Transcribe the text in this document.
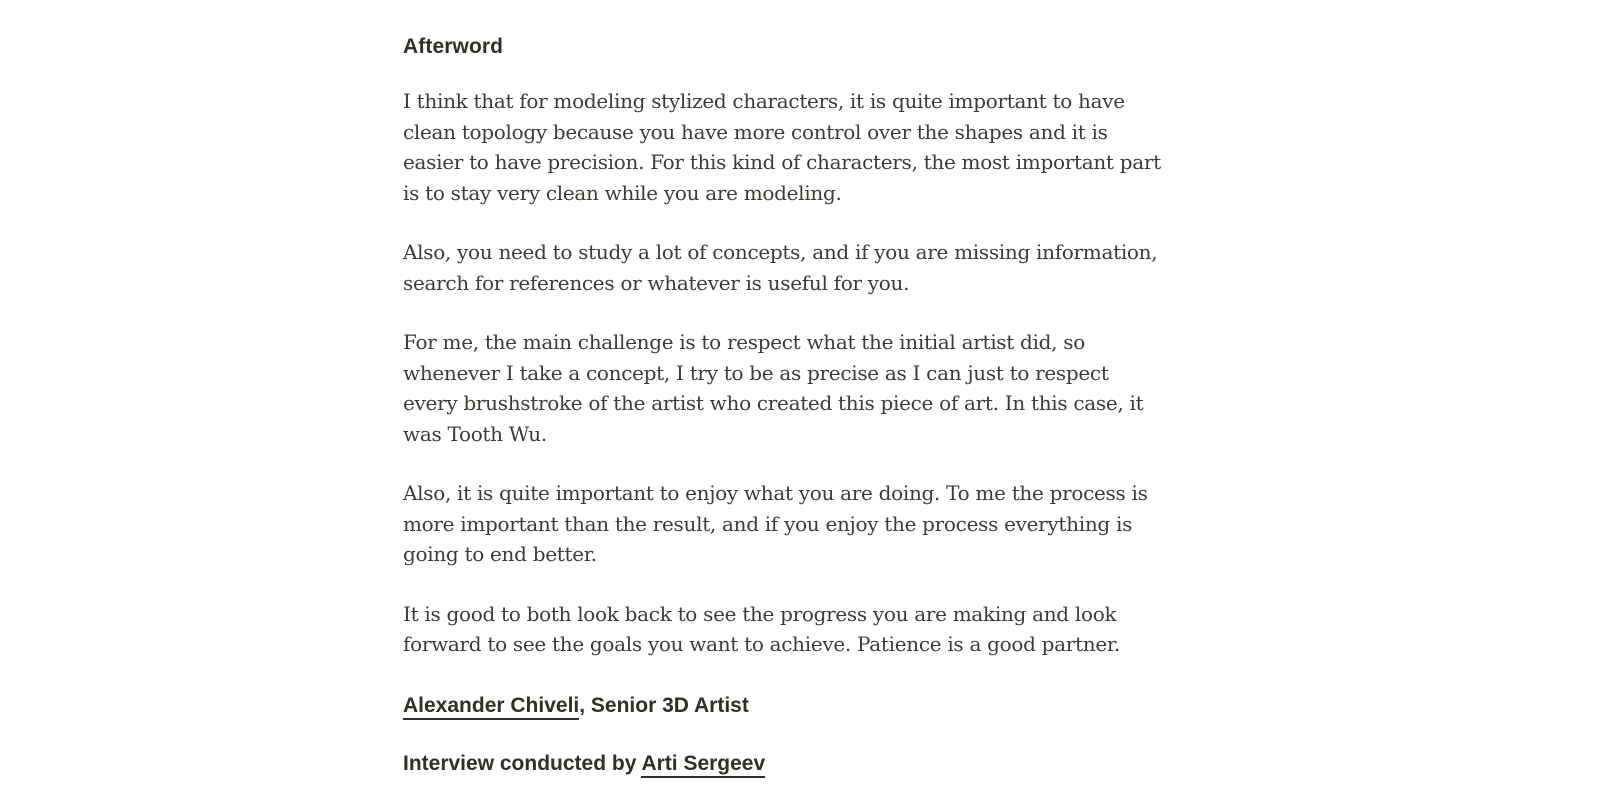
Afterword

I think that for modeling stylized characters, it is quite important to have clean topology because you have more control over the shapes and it is easier to have precision. For this kind of characters, the most important part is to stay very clean while you are modeling.

Also, you need to study a lot of concepts, and if you are missing information, search for references or whatever is useful for you.

For me, the main challenge is to respect what the initial artist did, so whenever I take a concept, I try to be as precise as I can just to respect every brushstroke of the artist who created this piece of art. In this case, it was Tooth Wu.

Also, it is quite important to enjoy what you are doing. To me the process is more important than the result, and if you enjoy the process everything is going to end better.

It is good to both look back to see the progress you are making and look forward to see the goals you want to achieve. Patience is a good partner.

Alexander Chiveli, Senior 3D Artist
Interview conducted by Arti Sergeev
